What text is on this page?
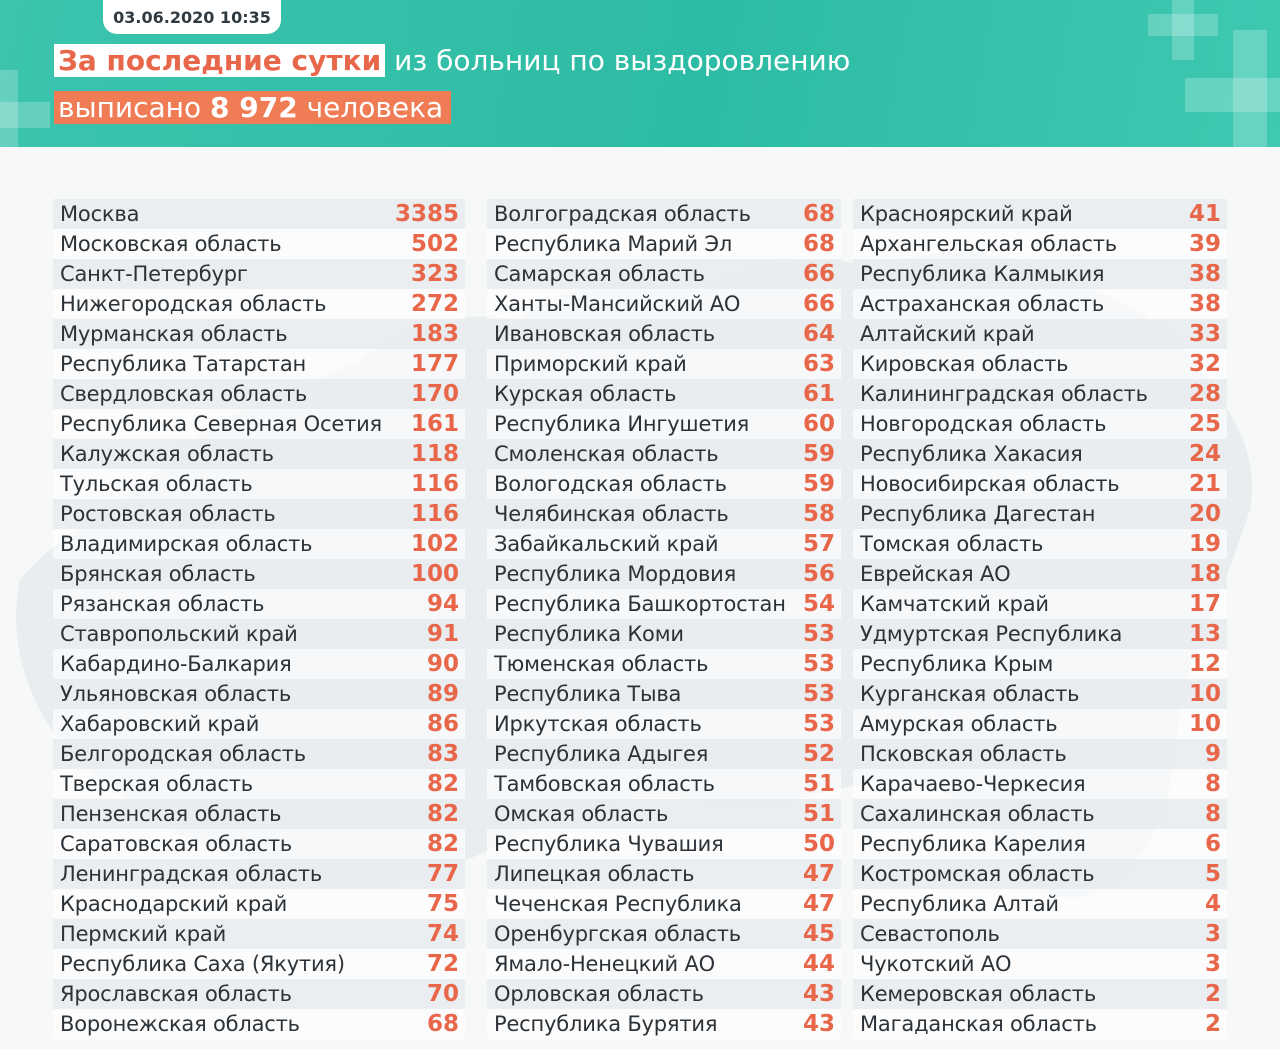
03.06.2020 10:35
За последние сутки из больниц по выздоровлению
выписано 8 972 человека
Москва	3385
Московская область	502
Санкт-Петербург	323
Нижегородская область	272
Мурманская область	183
Республика Татарстан	177
Свердловская область	170
Республика Северная Осетия 161
Калужская область	118
Тульская область	116
Ростовская область	116
Владимирская область	102
Брянская область	100
Рязанская область	94
Ставропольский край	91
Кабардино-Балкария	90
Ульяновская область	89
Хабаровский край	86
Белгородская область	83
Тверская область	82
Пензенская область	82
Саратовская область	82
Ленинградская область	77
Краснодарский край	75
Пермский край	74
Республика Саха (Якутия)	72
Ярославская область	70
Воронежская область	68
Волгоградская область 68
Республика Марий Эл	68
Самарская область	66
Ханты-Мансийский АО	66
Ивановская область	64
Приморский край	63
Курская область	61
Республика Ингушетия 60
Смоленская область	59
Вологодская область	59
Челябинская область	58
Забайкальский край	57
Республика Мордовия	56
Республика Башкортостан 54
Республика Коми	53
Тюменская область	53
Республика Тыва	53
Иркутская область	53
Республика Адыгея	52
Тамбовская область	51
Омская область	51
Республика Чувашия	50
Липецкая область	47
Чеченская Республика	47
Оренбургская область	45
Ямало-Ненецкий АО	44
Орловская область	43
Республика Бурятия	43
Красноярский край	41
Архангельская область	39
Республика Калмыкия	38
Астраханская область	38
Алтайский край	33
Кировская область	32
Калининградская область 28
Новгородская область	25
Республика Хакасия	24
Новосибирская область	21
Республика Дагестан	20
Томская область	19
Еврейская АО	18
Камчатский край	17
Удмуртская Республика	13
Республика Крым	12
Курганская область	10
Амурская область	10
Псковская область	9
Карачаево-Черкесия	8
Сахалинская область	8
Республика Карелия	6
Костромская область	5
Республика Алтай	4
Севастополь	3
Чукотский АО	3
Кемеровская область	2
Магаданская область	2
